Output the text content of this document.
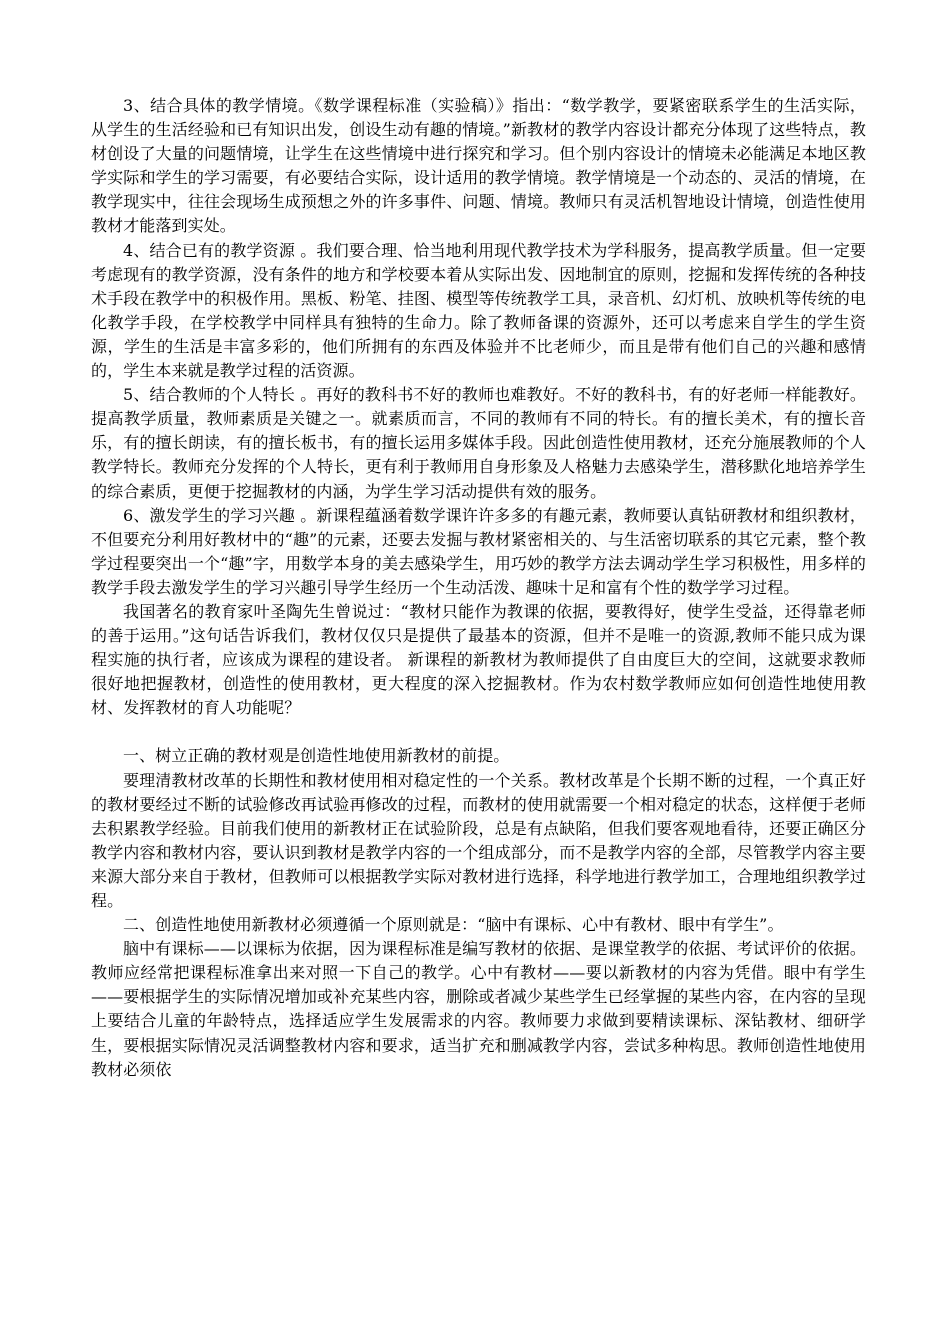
3、结合具体的教学情境。《数学课程标准（实验稿）》指出：“数学教学，要紧密联系学生的生活实际，从学生的生活经验和已有知识出发，创设生动有趣的情境。”新教材的教学内容设计都充分体现了这些特点，教材创设了大量的问题情境，让学生在这些情境中进行探究和学习。但个别内容设计的情境未必能满足本地区教学实际和学生的学习需要，有必要结合实际，设计适用的教学情境。教学情境是一个动态的、灵活的情境，在教学现实中，往往会现场生成预想之外的许多事件、问题、情境。教师只有灵活机智地设计情境，创造性使用教材才能落到实处。

4、结合已有的教学资源 。我们要合理、恰当地利用现代教学技术为学科服务，提高教学质量。但一定要考虑现有的教学资源，没有条件的地方和学校要本着从实际出发、因地制宜的原则，挖掘和发挥传统的各种技术手段在教学中的积极作用。黑板、粉笔、挂图、模型等传统教学工具，录音机、幻灯机、放映机等传统的电化教学手段，在学校教学中同样具有独特的生命力。除了教师备课的资源外，还可以考虑来自学生的学生资源，学生的生活是丰富多彩的，他们所拥有的东西及体验并不比老师少，而且是带有他们自己的兴趣和感情的，学生本来就是教学过程的活资源。

5、结合教师的个人特长 。再好的教科书不好的教师也难教好。不好的教科书，有的好老师一样能教好。提高教学质量，教师素质是关键之一。就素质而言，不同的教师有不同的特长。有的擅长美术，有的擅长音乐，有的擅长朗读，有的擅长板书，有的擅长运用多媒体手段。因此创造性使用教材，还充分施展教师的个人教学特长。教师充分发挥的个人特长，更有利于教师用自身形象及人格魅力去感染学生，潜移默化地培养学生的综合素质，更便于挖掘教材的内涵，为学生学习活动提供有效的服务。

6、激发学生的学习兴趣 。新课程蕴涵着数学课许许多多的有趣元素，教师要认真钻研教材和组织教材，不但要充分利用好教材中的“趣”的元素，还要去发掘与教材紧密相关的、与生活密切联系的其它元素，整个教学过程要突出一个“趣”字，用数学本身的美去感染学生，用巧妙的教学方法去调动学生学习积极性，用多样的教学手段去激发学生的学习兴趣引导学生经历一个生动活泼、趣味十足和富有个性的数学学习过程。

我国著名的教育家叶圣陶先生曾说过：“教材只能作为教课的依据，要教得好，使学生受益，还得靠老师的善于运用。”这句话告诉我们，教材仅仅只是提供了最基本的资源，但并不是唯一的资源,教师不能只成为课程实施的执行者，应该成为课程的建设者。 新课程的新教材为教师提供了自由度巨大的空间，这就要求教师很好地把握教材，创造性的使用教材，更大程度的深入挖掘教材。作为农村数学教师应如何创造性地使用教材、发挥教材的育人功能呢？

一、树立正确的教材观是创造性地使用新教材的前提。

要理清教材改革的长期性和教材使用相对稳定性的一个关系。教材改革是个长期不断的过程，一个真正好的教材要经过不断的试验修改再试验再修改的过程，而教材的使用就需要一个相对稳定的状态，这样便于老师去积累教学经验。目前我们使用的新教材正在试验阶段，总是有点缺陷，但我们要客观地看待，还要正确区分教学内容和教材内容，要认识到教材是教学内容的一个组成部分，而不是教学内容的全部，尽管教学内容主要来源大部分来自于教材，但教师可以根据教学实际对教材进行选择，科学地进行教学加工，合理地组织教学过程。

二、创造性地使用新教材必须遵循一个原则就是：“脑中有课标、心中有教材、眼中有学生”。

脑中有课标——以课标为依据，因为课程标准是编写教材的依据、是课堂教学的依据、考试评价的依据。教师应经常把课程标准拿出来对照一下自己的教学。心中有教材——要以新教材的内容为凭借。眼中有学生——要根据学生的实际情况增加或补充某些内容，删除或者减少某些学生已经掌握的某些内容，在内容的呈现上要结合儿童的年龄特点，选择适应学生发展需求的内容。教师要力求做到要精读课标、深钻教材、细研学生，要根据实际情况灵活调整教材内容和要求，适当扩充和删减教学内容，尝试多种构思。教师创造性地使用教材必须依
